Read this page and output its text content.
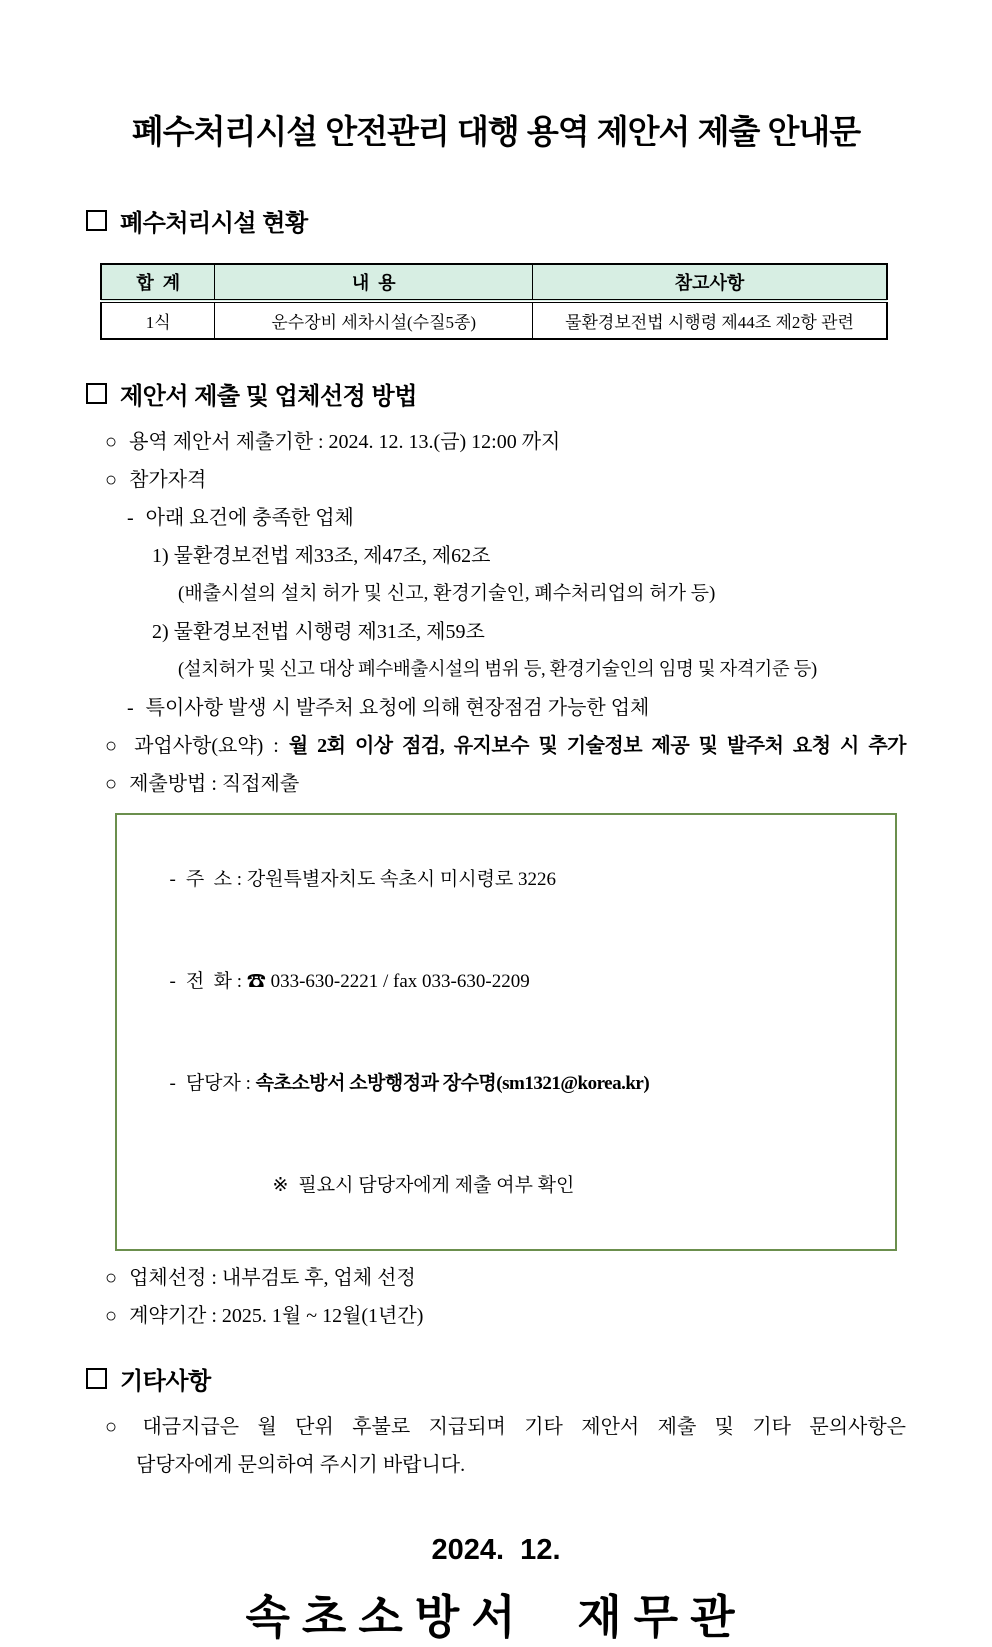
폐수처리시설 안전관리 대행 용역 제안서 제출 안내문
폐수처리시설 현황
합  계	내  용	참고사항
1식	운수장비 세차시설(수질5종)	물환경보전법 시행령 제44조 제2항 관련
제안서 제출 및 업체선정 방법
○ 용역 제안서 제출기한 : 2024. 12. 13.(금) 12:00 까지
○ 참가자격
- 아래 요건에 충족한 업체
1) 물환경보전법 제33조, 제47조, 제62조
(배출시설의 설치 허가 및 신고, 환경기술인, 폐수처리업의 허가 등)
2) 물환경보전법 시행령 제31조, 제59조
(설치허가 및 신고 대상 폐수배출시설의 범위 등, 환경기술인의 임명 및 자격기준 등)
- 특이사항 발생 시 발주처 요청에 의해 현장점검 가능한 업체
○ 과업사항(요약) : 월 2회 이상 점검, 유지보수 및 기술정보 제공 및 발주처 요청 시 추가
○ 제출방법 : 직접제출

- 주  소 : 강원특별자치도 속초시 미시령로 3226

- 전  화 : ☎ 033-630-2221 / fax 033-630-2209

- 담당자 : 속초소방서 소방행정과 장수명(sm1321@korea.kr)

※ 필요시 담당자에게 제출 여부 확인

○ 업체선정 : 내부검토 후, 업체 선정
○ 계약기간 : 2025. 1월 ~ 12월(1년간)
기타사항
○ 대금지급은 월 단위 후불로 지급되며 기타 제안서 제출 및 기타 문의사항은
담당자에게 문의하여 주시기 바랍니다.
2024.  12.
속초소방서  재무관
